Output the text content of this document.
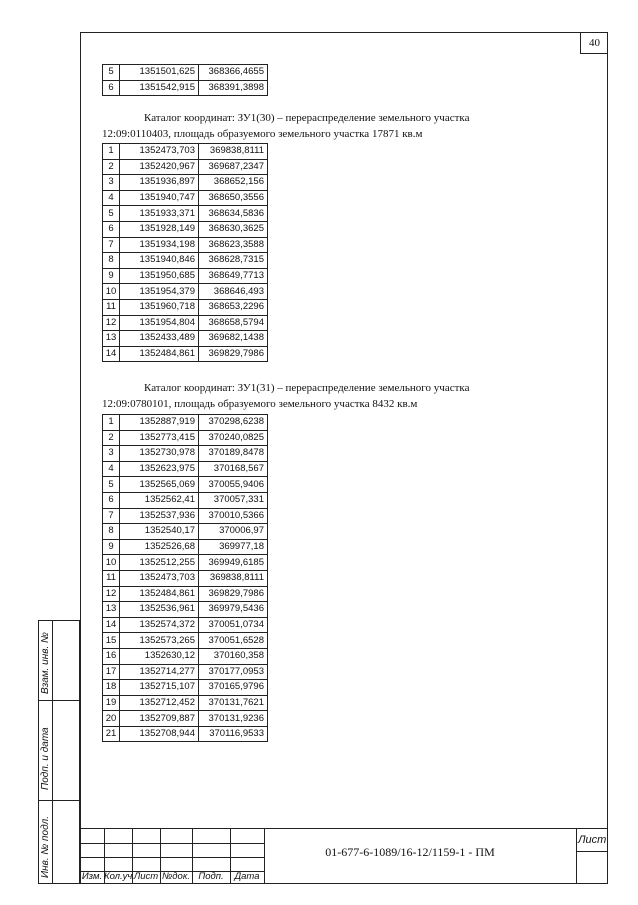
40
5	1351501,625	368366,4655
6	1351542,915	368391,3898
Каталог координат: ЗУ1(30) – перераспределение земельного участка
12:09:0110403, площадь образуемого земельного участка 17871 кв.м
1	1352473,703	369838,8111
2	1352420,967	369687,2347
3	1351936,897	368652,156
4	1351940,747	368650,3556
5	1351933,371	368634,5836
6	1351928,149	368630,3625
7	1351934,198	368623,3588
8	1351940,846	368628,7315
9	1351950,685	368649,7713
10	1351954,379	368646,493
11	1351960,718	368653,2296
12	1351954,804	368658,5794
13	1352433,489	369682,1438
14	1352484,861	369829,7986
Каталог координат: ЗУ1(31) – перераспределение земельного участка
12:09:0780101, площадь образуемого земельного участка 8432 кв.м
1	1352887,919	370298,6238
2	1352773,415	370240,0825
3	1352730,978	370189,8478
4	1352623,975	370168,567
5	1352565,069	370055,9406
6	1352562,41	370057,331
7	1352537,936	370010,5366
8	1352540,17	370006,97
9	1352526,68	369977,18
10	1352512,255	369949,6185
11	1352473,703	369838,8111
12	1352484,861	369829,7986
13	1352536,961	369979,5436
14	1352574,372	370051,0734
15	1352573,265	370051,6528
16	1352630,12	370160,358
17	1352714,277	370177,0953
18	1352715,107	370165,9796
19	1352712,452	370131,7621
20	1352709,887	370131,9236
21	1352708,944	370116,9533
Взам. инв. №
Подп. и дата
Инв. № подл.	Изм. Кол.уч Лист №док. Подп.	Дата
01-677-6-1089/16-12/1159-1 - ПМ
Лист
